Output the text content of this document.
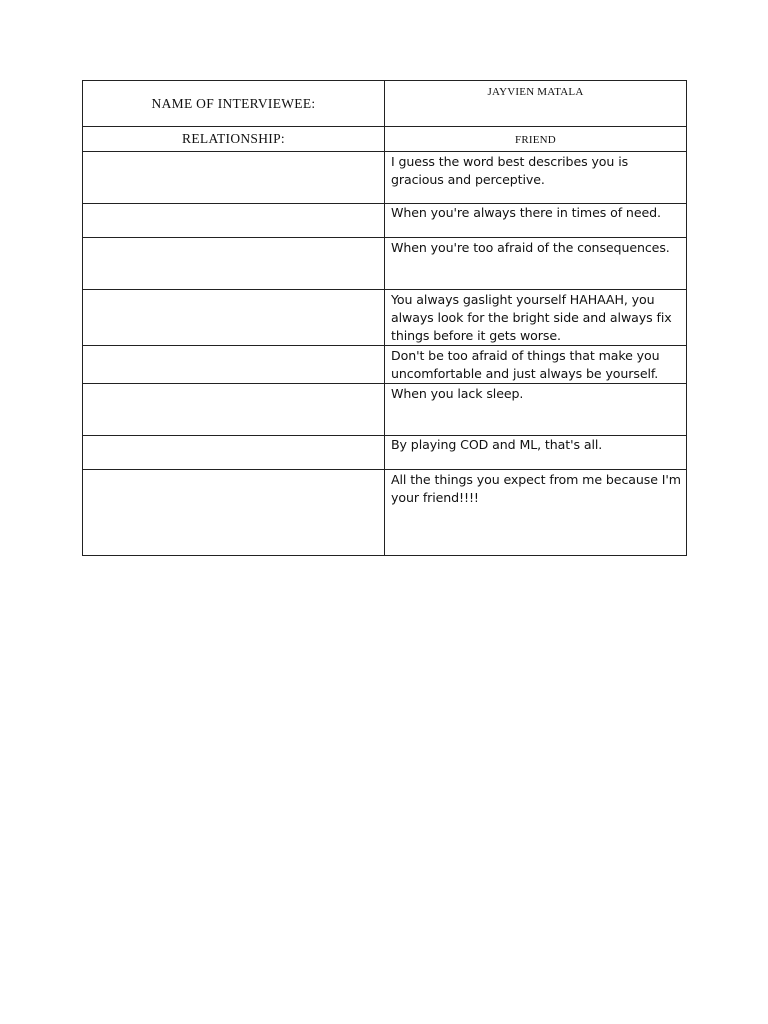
NAME OF INTERVIEWEE:	JAYVIEN MATALA
RELATIONSHIP:	FRIEND
	I guess the word best describes you is gracious and perceptive.
	When you're always there in times of need.
	When you're too afraid of the consequences.
	You always gaslight yourself HAHAAH, you always look for the bright side and always fix things before it gets worse.
	Don't be too afraid of things that make you uncomfortable and just always be yourself.
	When you lack sleep.
	By playing COD and ML, that's all.
	All the things you expect from me because I'm your friend!!!!
